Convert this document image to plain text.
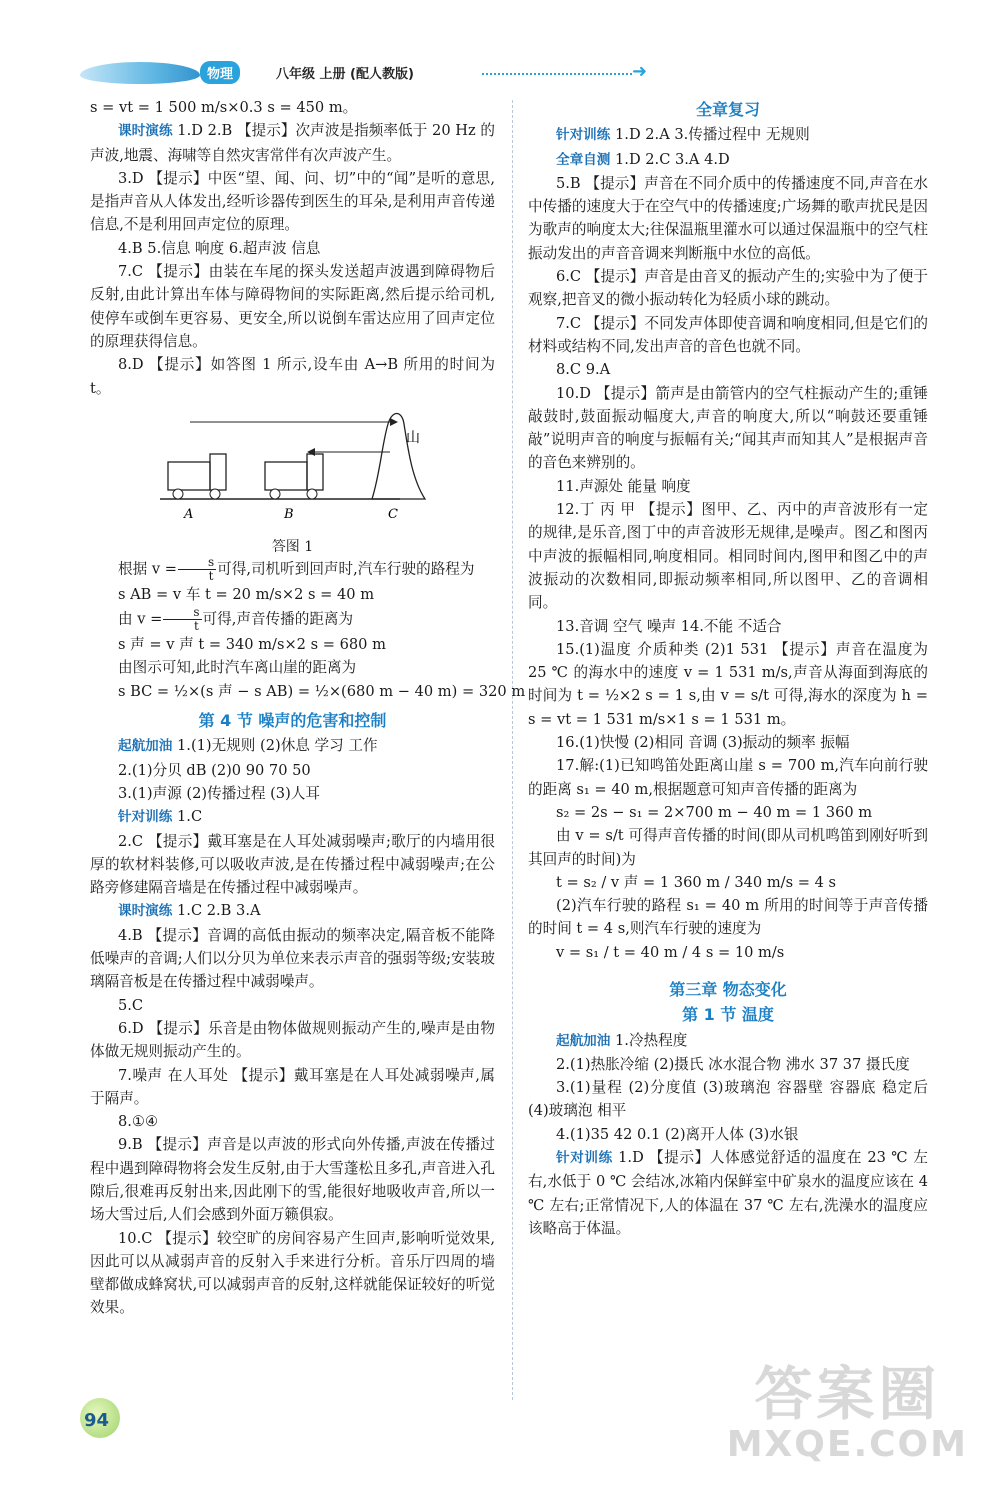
物理	八年级 上册 (配人教版)	➜

s = vt = 1 500 m/s×0.3 s = 450 m。

课时演练 1.D 2.B 【提示】次声波是指频率低于 20 Hz 的声波,地震、海啸等自然灾害常伴有次声波产生。

3.D 【提示】中医“望、闻、问、切”中的“闻”是听的意思,是指声音从人体发出,经听诊器传到医生的耳朵,是利用声音传递信息,不是利用回声定位的原理。

4.B 5.信息 响度 6.超声波 信息

7.C 【提示】由装在车尾的探头发送超声波遇到障碍物后反射,由此计算出车体与障碍物间的实际距离,然后提示给司机,使停车或倒车更容易、更安全,所以说倒车雷达应用了回声定位的原理获得信息。

8.D 【提示】如答图 1 所示,设车由 A→B 所用的时间为 t。

A	B	C
山
答图 1

根据 $v = \frac{s}{t}$ 可得,司机听到回声时,汽车行驶的路程为

s AB = v 车 t = 20 m/s×2 s = 40 m

由 $v = \frac{s}{t}$ 可得,声音传播的距离为

s 声 = v 声 t = 340 m/s×2 s = 680 m

由图示可知,此时汽车离山崖的距离为

s BC = ½×(s 声 − s AB) = ½×(680 m − 40 m) = 320 m

第 4 节 噪声的危害和控制

起航加油 1.(1)无规则 (2)休息 学习 工作

2.(1)分贝 dB (2)0 90 70 50

3.(1)声源 (2)传播过程 (3)人耳

针对训练 1.C

2.C 【提示】戴耳塞是在人耳处减弱噪声;歌厅的内墙用很厚的软材料装修,可以吸收声波,是在传播过程中减弱噪声;在公路旁修建隔音墙是在传播过程中减弱噪声。

课时演练 1.C 2.B 3.A

4.B 【提示】音调的高低由振动的频率决定,隔音板不能降低噪声的音调;人们以分贝为单位来表示声音的强弱等级;安装玻璃隔音板是在传播过程中减弱噪声。

5.C

6.D 【提示】乐音是由物体做规则振动产生的,噪声是由物体做无规则振动产生的。

7.噪声 在人耳处 【提示】戴耳塞是在人耳处减弱噪声,属于隔声。

8.①④

9.B 【提示】声音是以声波的形式向外传播,声波在传播过程中遇到障碍物将会发生反射,由于大雪蓬松且多孔,声音进入孔隙后,很难再反射出来,因此刚下的雪,能很好地吸收声音,所以一场大雪过后,人们会感到外面万籁俱寂。

10.C 【提示】较空旷的房间容易产生回声,影响听觉效果,因此可以从减弱声音的反射入手来进行分析。音乐厅四周的墙壁都做成蜂窝状,可以减弱声音的反射,这样就能保证较好的听觉效果。

全章复习

针对训练 1.D 2.A 3.传播过程中 无规则

全章自测 1.D 2.C 3.A 4.D

5.B 【提示】声音在不同介质中的传播速度不同,声音在水中传播的速度大于在空气中的传播速度;广场舞的歌声扰民是因为歌声的响度太大;往保温瓶里灌水可以通过保温瓶中的空气柱振动发出的声音音调来判断瓶中水位的高低。

6.C 【提示】声音是由音叉的振动产生的;实验中为了便于观察,把音叉的微小振动转化为轻质小球的跳动。

7.C 【提示】不同发声体即使音调和响度相同,但是它们的材料或结构不同,发出声音的音色也就不同。

8.C 9.A

10.D 【提示】箭声是由箭管内的空气柱振动产生的;重锤敲鼓时,鼓面振动幅度大,声音的响度大,所以“响鼓还要重锤敲”说明声音的响度与振幅有关;“闻其声而知其人”是根据声音的音色来辨别的。

11.声源处 能量 响度

12.丁 丙 甲 【提示】图甲、乙、丙中的声音波形有一定的规律,是乐音,图丁中的声音波形无规律,是噪声。图乙和图丙中声波的振幅相同,响度相同。相同时间内,图甲和图乙中的声波振动的次数相同,即振动频率相同,所以图甲、乙的音调相同。

13.音调 空气 噪声 14.不能 不适合

15.(1)温度 介质种类 (2)1 531 【提示】声音在温度为 25 ℃ 的海水中的速度 v = 1 531 m/s,声音从海面到海底的时间为 t = ½×2 s = 1 s,由 v = s/t 可得,海水的深度为 h = s = vt = 1 531 m/s×1 s = 1 531 m。

16.(1)快慢 (2)相同 音调 (3)振动的频率 振幅

17.解:(1)已知鸣笛处距离山崖 s = 700 m,汽车向前行驶的距离 s₁ = 40 m,根据题意可知声音传播的距离为

s₂ = 2s − s₁ = 2×700 m − 40 m = 1 360 m

由 v = s/t 可得声音传播的时间(即从司机鸣笛到刚好听到其回声的时间)为

t = s₂ / v 声 = 1 360 m / 340 m/s = 4 s

(2)汽车行驶的路程 s₁ = 40 m 所用的时间等于声音传播的时间 t = 4 s,则汽车行驶的速度为

v = s₁ / t = 40 m / 4 s = 10 m/s

第三章 物态变化
第 1 节 温度

起航加油 1.冷热程度

2.(1)热胀冷缩 (2)摄氏 冰水混合物 沸水 37 37 摄氏度

3.(1)量程 (2)分度值 (3)玻璃泡 容器壁 容器底 稳定后 (4)玻璃泡 相平

4.(1)35 42 0.1 (2)离开人体 (3)水银

针对训练 1.D 【提示】人体感觉舒适的温度在 23 ℃ 左右,水低于 0 ℃ 会结冰,冰箱内保鲜室中矿泉水的温度应该在 4 ℃ 左右;正常情况下,人的体温在 37 ℃ 左右,洗澡水的温度应该略高于体温。

94	答案圈
MXQE.COM
